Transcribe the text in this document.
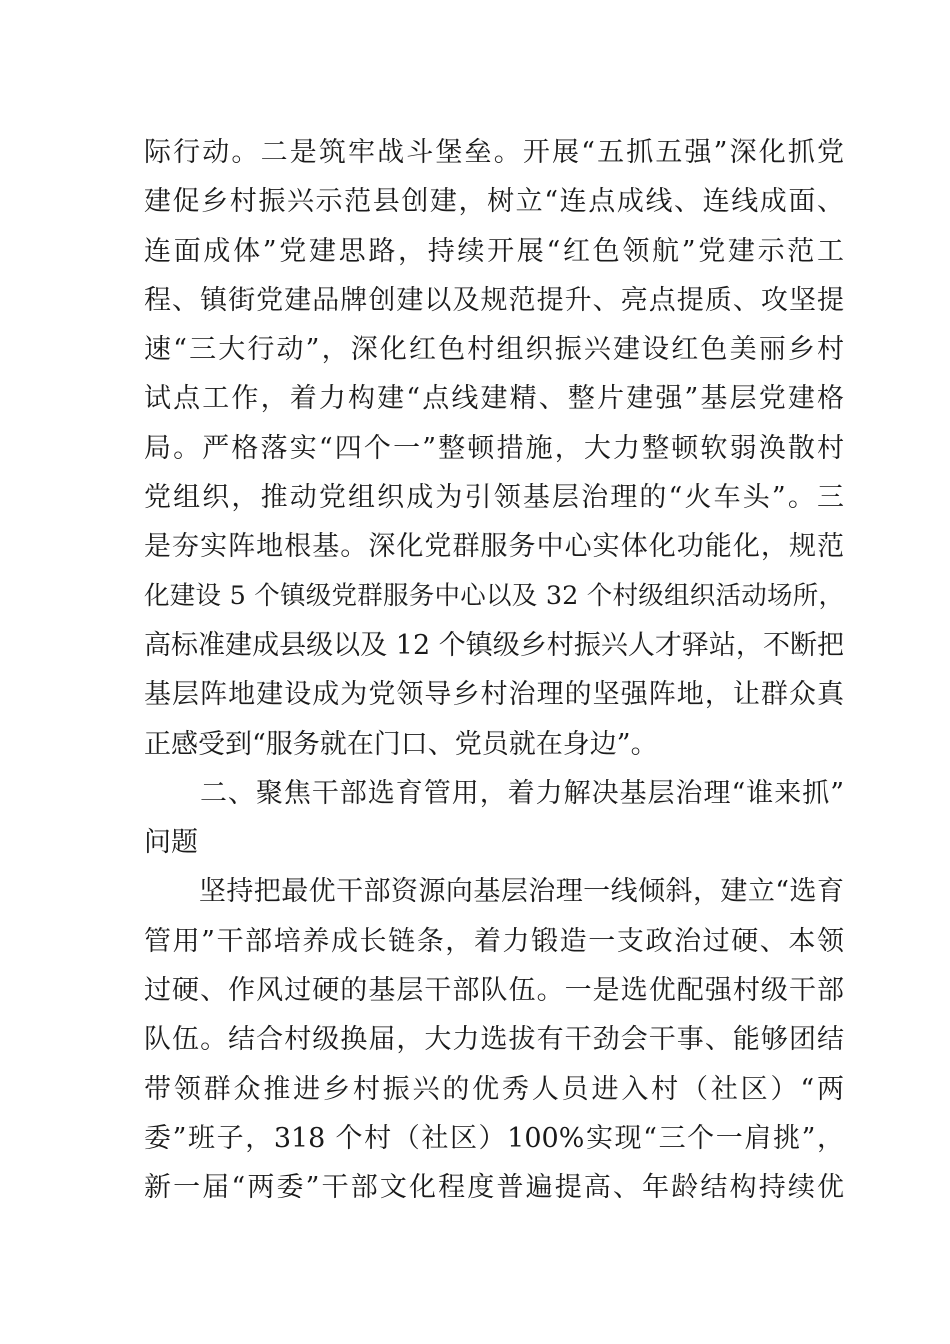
际行动。二是筑牢战斗堡垒。开展“五抓五强”深化抓党
建促乡村振兴示范县创建，树立“连点成线、连线成面、
连面成体”党建思路，持续开展“红色领航”党建示范工
程、镇街党建品牌创建以及规范提升、亮点提质、攻坚提
速“三大行动”，深化红色村组织振兴建设红色美丽乡村
试点工作，着力构建“点线建精、整片建强”基层党建格
局。严格落实“四个一”整顿措施，大力整顿软弱涣散村
党组织，推动党组织成为引领基层治理的“火车头”。三
是夯实阵地根基。深化党群服务中心实体化功能化，规范
化建设 5 个镇级党群服务中心以及 32 个村级组织活动场所，
高标准建成县级以及 12 个镇级乡村振兴人才驿站，不断把
基层阵地建设成为党领导乡村治理的坚强阵地，让群众真
正感受到“服务就在门口、党员就在身边”。
　　二、聚焦干部选育管用，着力解决基层治理“谁来抓”
问题
　　坚持把最优干部资源向基层治理一线倾斜，建立“选育
管用”干部培养成长链条，着力锻造一支政治过硬、本领
过硬、作风过硬的基层干部队伍。一是选优配强村级干部
队伍。结合村级换届，大力选拔有干劲会干事、能够团结
带领群众推进乡村振兴的优秀人员进入村（社区）“两
委”班子，318 个村（社区）100%实现“三个一肩挑”，
新一届“两委”干部文化程度普遍提高、年龄结构持续优
